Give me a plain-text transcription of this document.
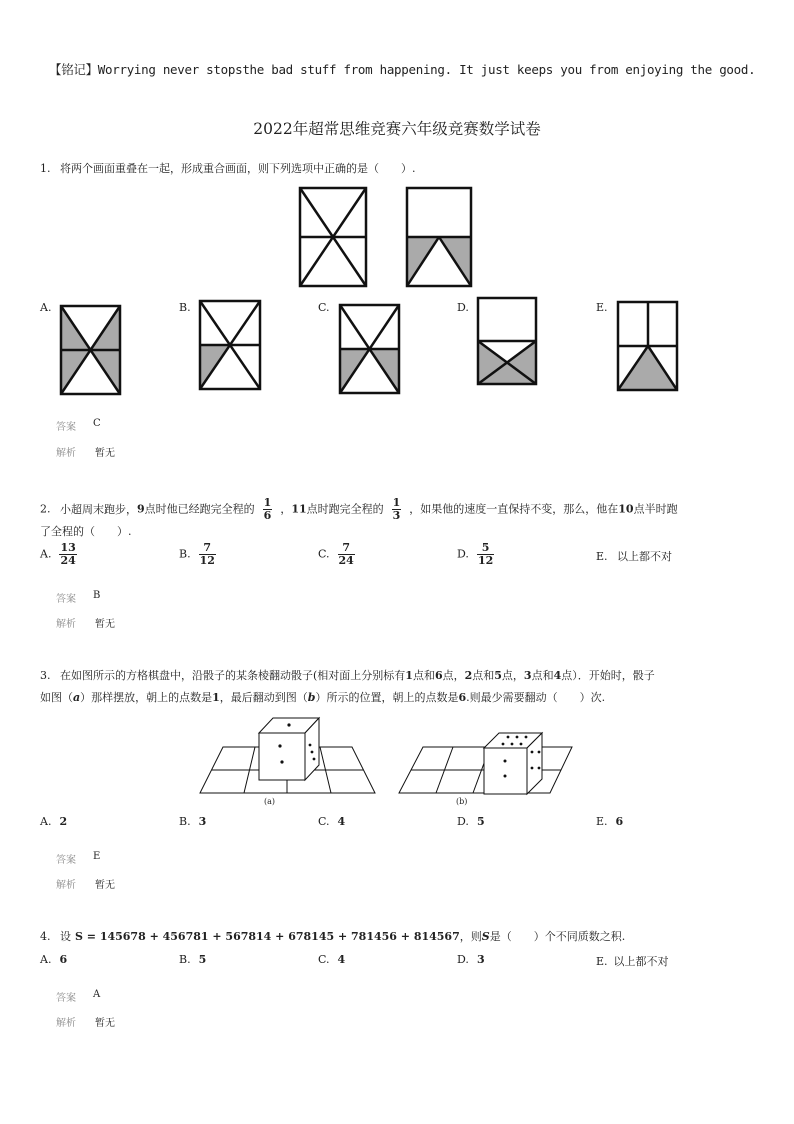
【铭记】Worrying never stopsthe bad stuff from happening. It just keeps you from enjoying the good.
2022年超常思维竞赛六年级竞赛数学试卷
1. 将两个画面重叠在一起，形成重合画面，则下列选项中正确的是（　　）.
A.	B.	C.	D.	E.
答案 C
解析 暂无
2. 小超周末跑步，9点时他已经跑完全程的 $\frac{1}{6}$ ，11点时跑完全程的 $\frac{1}{3}$ ，如果他的速度一直保持不变，那么，他在10点半时跑
了全程的（　　）.
A. $\frac{13}{24}$	B. $\frac{7}{12}$	C. $\frac{7}{24}$	D. $\frac{5}{12}$	E. 以上都不对
答案 B
解析 暂无
3. 在如图所示的方格棋盘中，沿骰子的某条棱翻动骰子(相对面上分别标有1点和6点，2点和5点，3点和4点）．开始时，骰子
如图（a）那样摆放，朝上的点数是1，最后翻动到图（b）所示的位置，朝上的点数是6.则最少需要翻动（　　）次.
(a)	(b)
A. 2	B. 3	C. 4	D. 5	E. 6
答案 E
解析 暂无
4. 设 S = 145678 + 456781 + 567814 + 678145 + 781456 + 814567，则S是（　　）个不同质数之积.
A. 6	B. 5	C. 4	D. 3	E. 以上都不对
答案 A
解析 暂无
